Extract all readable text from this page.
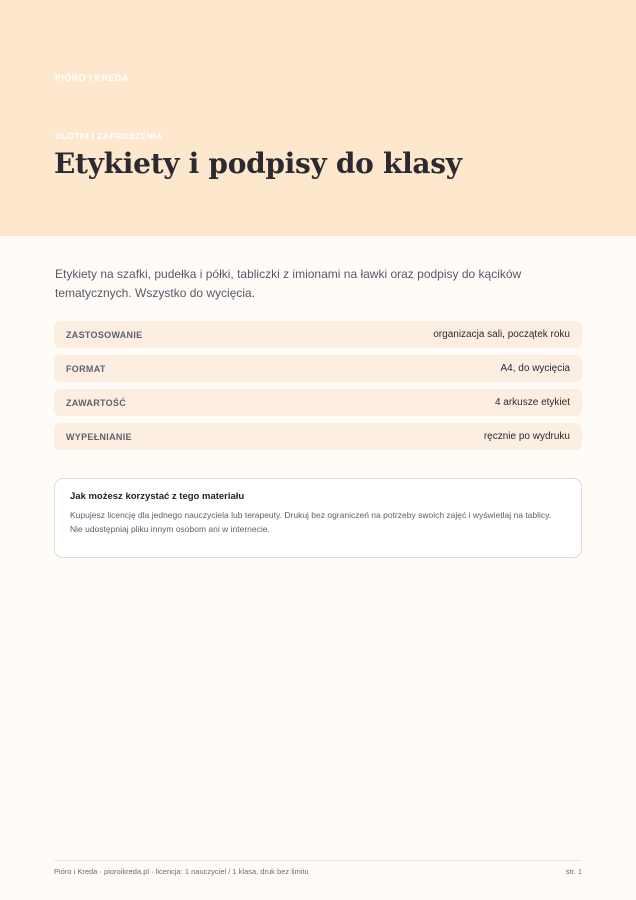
PIÓRO I KREDA
ULOTKI I ZAPROSZENIA
Etykiety i podpisy do klasy

Etykiety na szafki, pudełka i półki, tabliczki z imionami na ławki oraz podpisy do kącików tematycznych. Wszystko do wycięcia.

ZASTOSOWANIE	organizacja sali, początek roku
FORMAT	A4, do wycięcia
ZAWARTOŚĆ	4 arkusze etykiet
WYPEŁNIANIE	ręcznie po wydruku
Jak możesz korzystać z tego materiału
Kupujesz licencję dla jednego nauczyciela lub terapeuty. Drukuj bez ograniczeń na potrzeby swoich zajęć i wyświetlaj na tablicy. Nie udostępniaj pliku innym osobom ani w internecie.
Pióro i Kreda · pioroikreda.pl · licencja: 1 nauczyciel / 1 klasa, druk bez limitu	str. 1
